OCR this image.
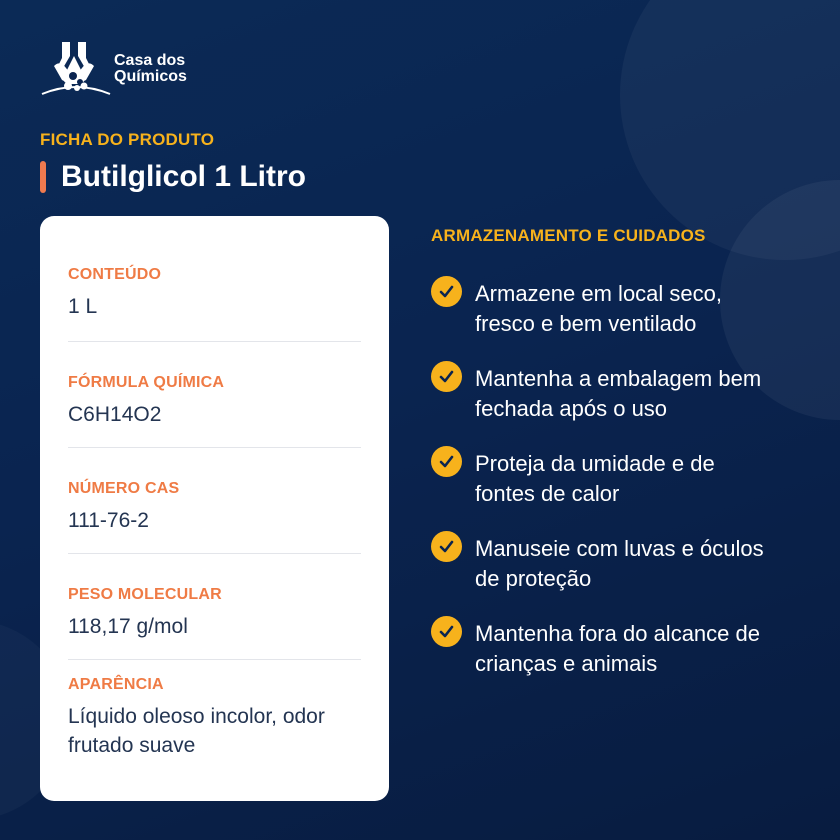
Casa dos
Químicos
FICHA DO PRODUTO
Butilglicol 1 Litro
CONTEÚDO
1 L
FÓRMULA QUÍMICA
C6H14O2
NÚMERO CAS
111-76-2
PESO MOLECULAR
118,17 g/mol
APARÊNCIA
Líquido oleoso incolor, odor frutado suave
ARMAZENAMENTO E CUIDADOS
Armazene em local seco, fresco e bem ventilado
Mantenha a embalagem bem fechada após o uso
Proteja da umidade e de fontes de calor
Manuseie com luvas e óculos de proteção
Mantenha fora do alcance de crianças e animais
